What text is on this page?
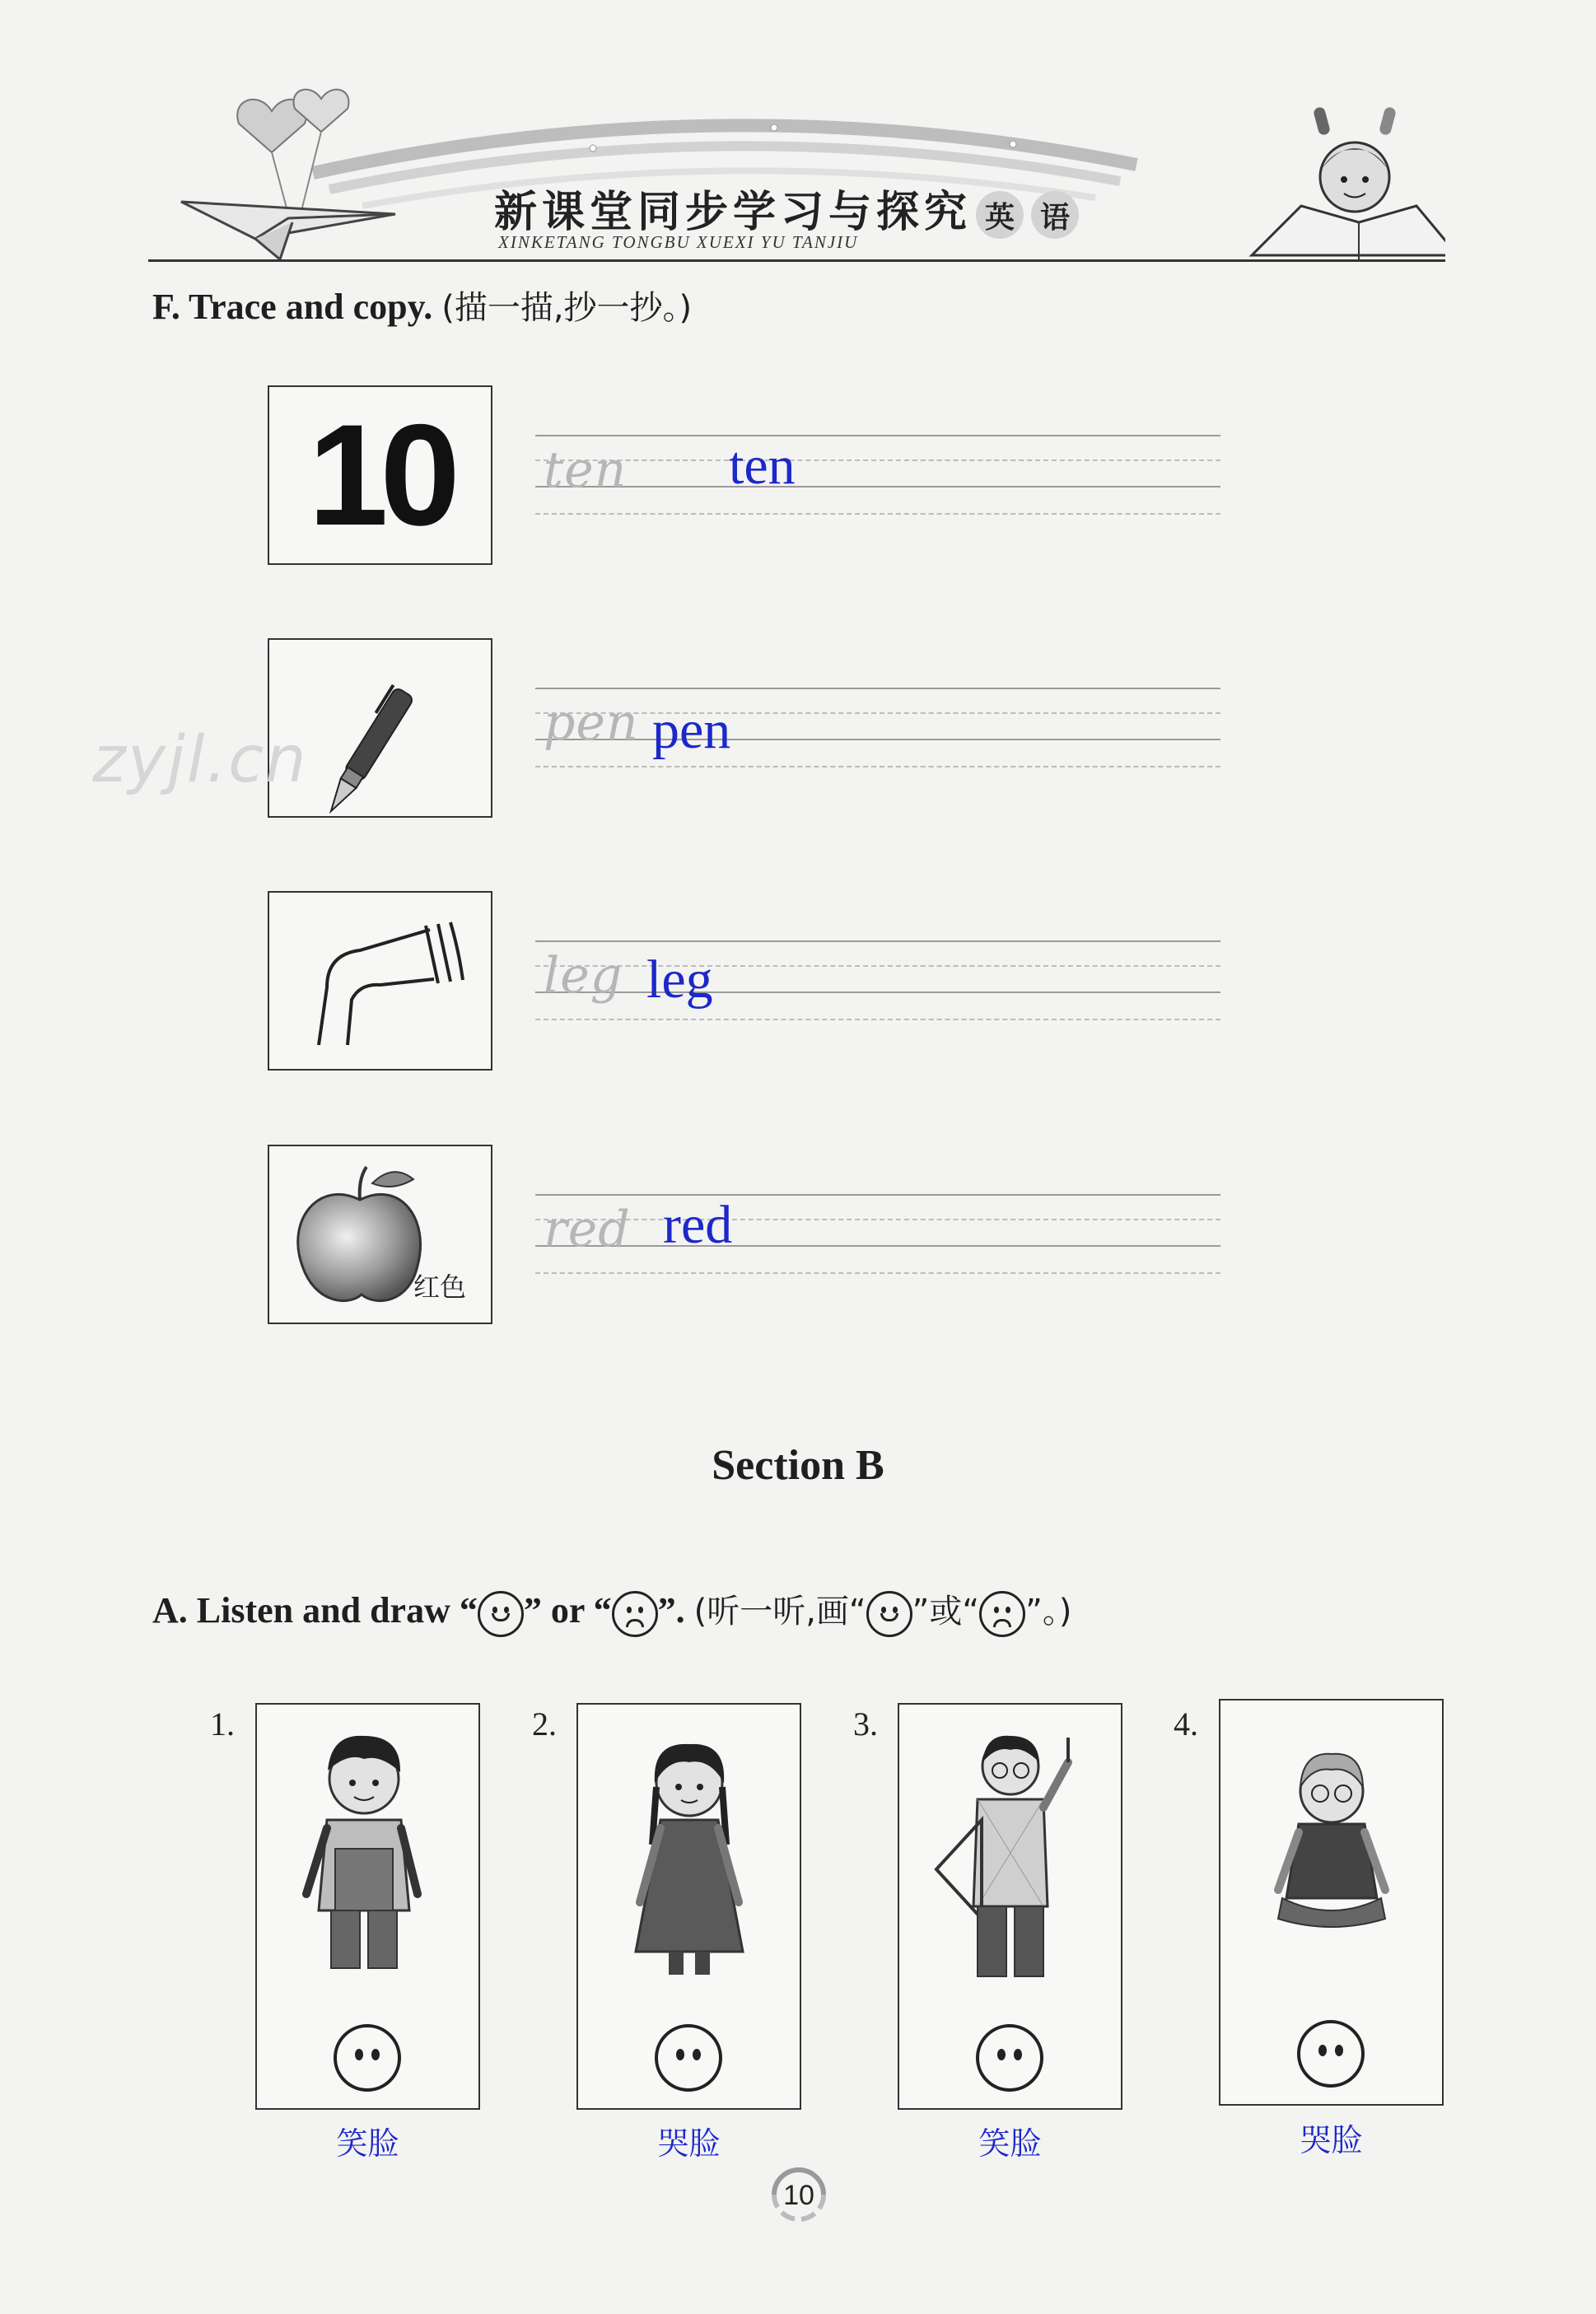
新课堂同步学习与探究 英 语
XINKETANG TONGBU XUEXI YU TANJIU
F. Trace and copy. (描一描,抄一抄。)
10	ten ten
pen pen
leg leg
红色
red red
zyjl.cn
Section B
A. Listen and draw “ ” or “ ”. (听一听,画“ ”或“ ”。)
1.
笑脸
2.
哭脸
3.
笑脸
4.
哭脸
10
